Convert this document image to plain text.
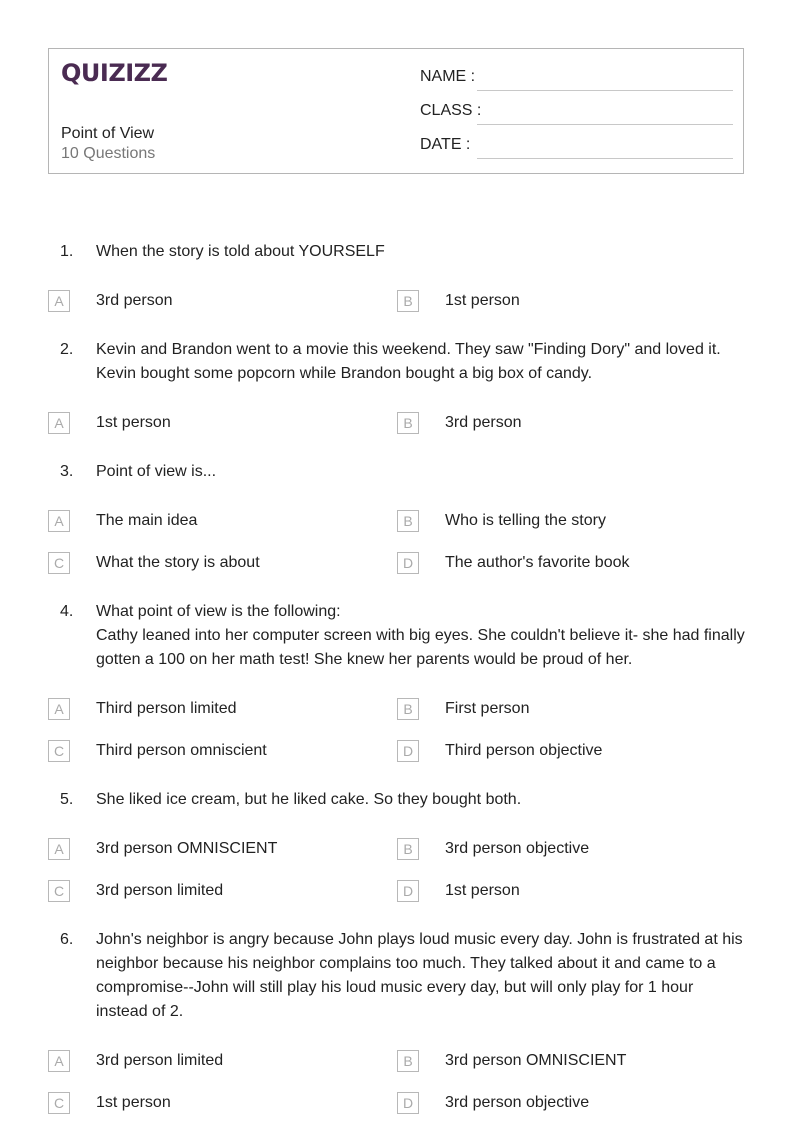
QUIZIZZ
Point of View
10 Questions
NAME :
CLASS :
DATE :
1. When the story is told about YOURSELF
A	3rd person	B	1st person
2. Kevin and Brandon went to a movie this weekend. They saw "Finding Dory" and loved it. Kevin bought some popcorn while Brandon bought a big box of candy.
A	1st person	B	3rd person
3. Point of view is...
A	The main idea	B	Who is telling the story
C	What the story is about	D	The author's favorite book
4. What point of view is the following:
Cathy leaned into her computer screen with big eyes. She couldn't believe it- she had finally gotten a 100 on her math test! She knew her parents would be proud of her.
A	Third person limited	B	First person
C	Third person omniscient	D	Third person objective
5. She liked ice cream, but he liked cake. So they bought both.
A	3rd person OMNISCIENT	B	3rd person objective
C	3rd person limited	D	1st person
6. John's neighbor is angry because John plays loud music every day. John is frustrated at his neighbor because his neighbor complains too much. They talked about it and came to a compromise--John will still play his loud music every day, but will only play for 1 hour instead of 2.
A	3rd person limited	B	3rd person OMNISCIENT
C	1st person	D	3rd person objective
